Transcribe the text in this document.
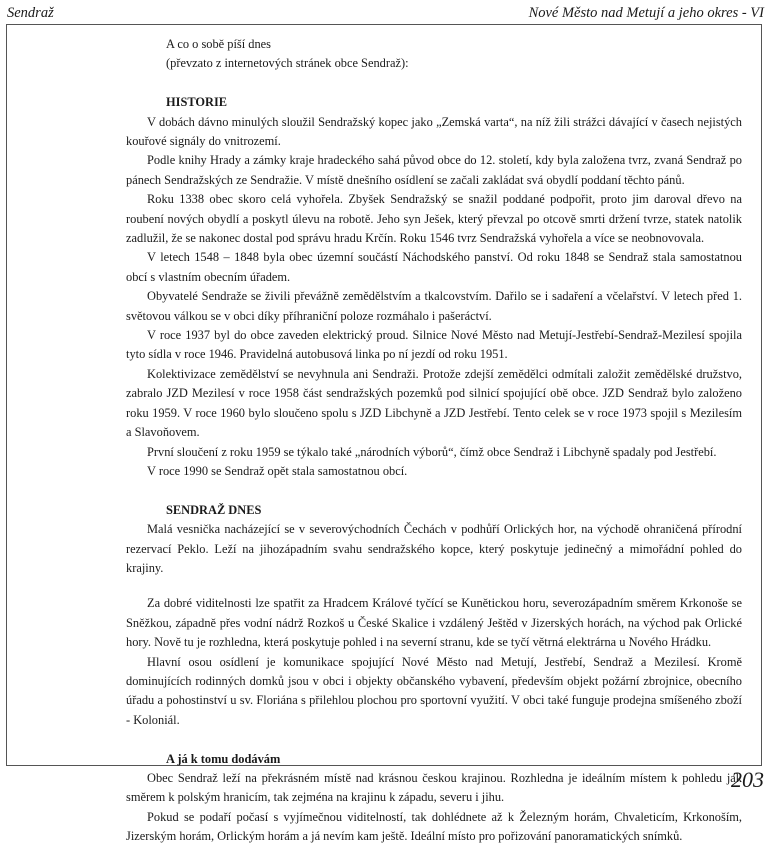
Sendraž	Nové Město nad Metují a jeho okres - VI
A co o sobě píší dnes
(převzato z internetových stránek obce Sendraž):
HISTORIE

V dobách dávno minulých sloužil Sendražský kopec jako „Zemská varta“, na níž žili strážci dávající v časech nejistých kouřové signály do vnitrozemí.

Podle knihy Hrady a zámky kraje hradeckého sahá původ obce do 12. století, kdy byla založena tvrz, zvaná Sendraž po pánech Sendražských ze Sendražie. V místě dnešního osídlení se začali zakládat svá obydlí poddaní těchto pánů.

Roku 1338 obec skoro celá vyhořela. Zbyšek Sendražský se snažil poddané podpořit, proto jim daroval dřevo na roubení nových obydlí a poskytl úlevu na robotě. Jeho syn Ješek, který převzal po otcově smrti držení tvrze, statek natolik zadlužil, že se nakonec dostal pod správu hradu Krčín. Roku 1546 tvrz Sendražská vyhořela a více se neobnovovala.

V letech 1548 – 1848 byla obec územní součástí Náchodského panství. Od roku 1848 se Sendraž stala samostatnou obcí s vlastním obecním úřadem.

Obyvatelé Sendraže se živili převážně zemědělstvím a tkalcovstvím. Dařilo se i sadaření a včelařství. V letech před 1. světovou válkou se v obci díky příhraniční poloze rozmáhalo i pašeráctví.

V roce 1937 byl do obce zaveden elektrický proud. Silnice Nové Město nad Metují-Jestřebí-Sendraž-Mezilesí spojila tyto sídla v roce 1946. Pravidelná autobusová linka po ní jezdí od roku 1951.

Kolektivizace zemědělství se nevyhnula ani Sendraži. Protože zdejší zemědělci odmítali založit zemědělské družstvo, zabralo JZD Mezilesí v roce 1958 část sendražských pozemků pod silnicí spojující obě obce. JZD Sendraž bylo založeno roku 1959. V roce 1960 bylo sloučeno spolu s JZD Libchyně a JZD Jestřebí. Tento celek se v roce 1973 spojil s Mezilesím a Slavoňovem.

První sloučení z roku 1959 se týkalo také „národních výborů“, čímž obce Sendraž i Libchyně spadaly pod Jestřebí.

V roce 1990 se Sendraž opět stala samostatnou obcí.

SENDRAŽ DNES

Malá vesnička nacházející se v severovýchodních Čechách v podhůří Orlických hor, na východě ohraničená přírodní rezervací Peklo. Leží na jihozápadním svahu sendražského kopce, který poskytuje jedinečný a mimořádní pohled do krajiny.

Za dobré viditelnosti lze spatřit za Hradcem Králové tyčící se Kunětickou horu, severozápadním směrem Krkonoše se Sněžkou, západně přes vodní nádrž Rozkoš u České Skalice i vzdálený Ještěd v Jizerských horách, na východ pak Orlické hory. Nově tu je rozhledna, která poskytuje pohled i na severní stranu, kde se tyčí větrná elektrárna u Nového Hrádku.

Hlavní osou osídlení je komunikace spojující Nové Město nad Metují, Jestřebí, Sendraž a Mezilesí. Kromě dominujících rodinných domků jsou v obci i objekty občanského vybavení, především objekt požární zbrojnice, obecního úřadu a pohostinství u sv. Floriána s přilehlou plochou pro sportovní využití. V obci také funguje prodejna smíšeného zboží - Koloniál.

A já k tomu dodávám

Obec Sendraž leží na překrásném místě nad krásnou českou krajinou. Rozhledna je ideálním místem k pohledu jak směrem k polským hranicím, tak zejména na krajinu k západu, severu i jihu.

Pokud se podaří počasí s vyjímečnou viditelností, tak dohlédnete až k Železným horám, Chvaleticím, Krkonoším, Jizerským horám, Orlickým horám a já nevím kam ještě. Ideální místo pro pořizování panoramatických snímků.

203
